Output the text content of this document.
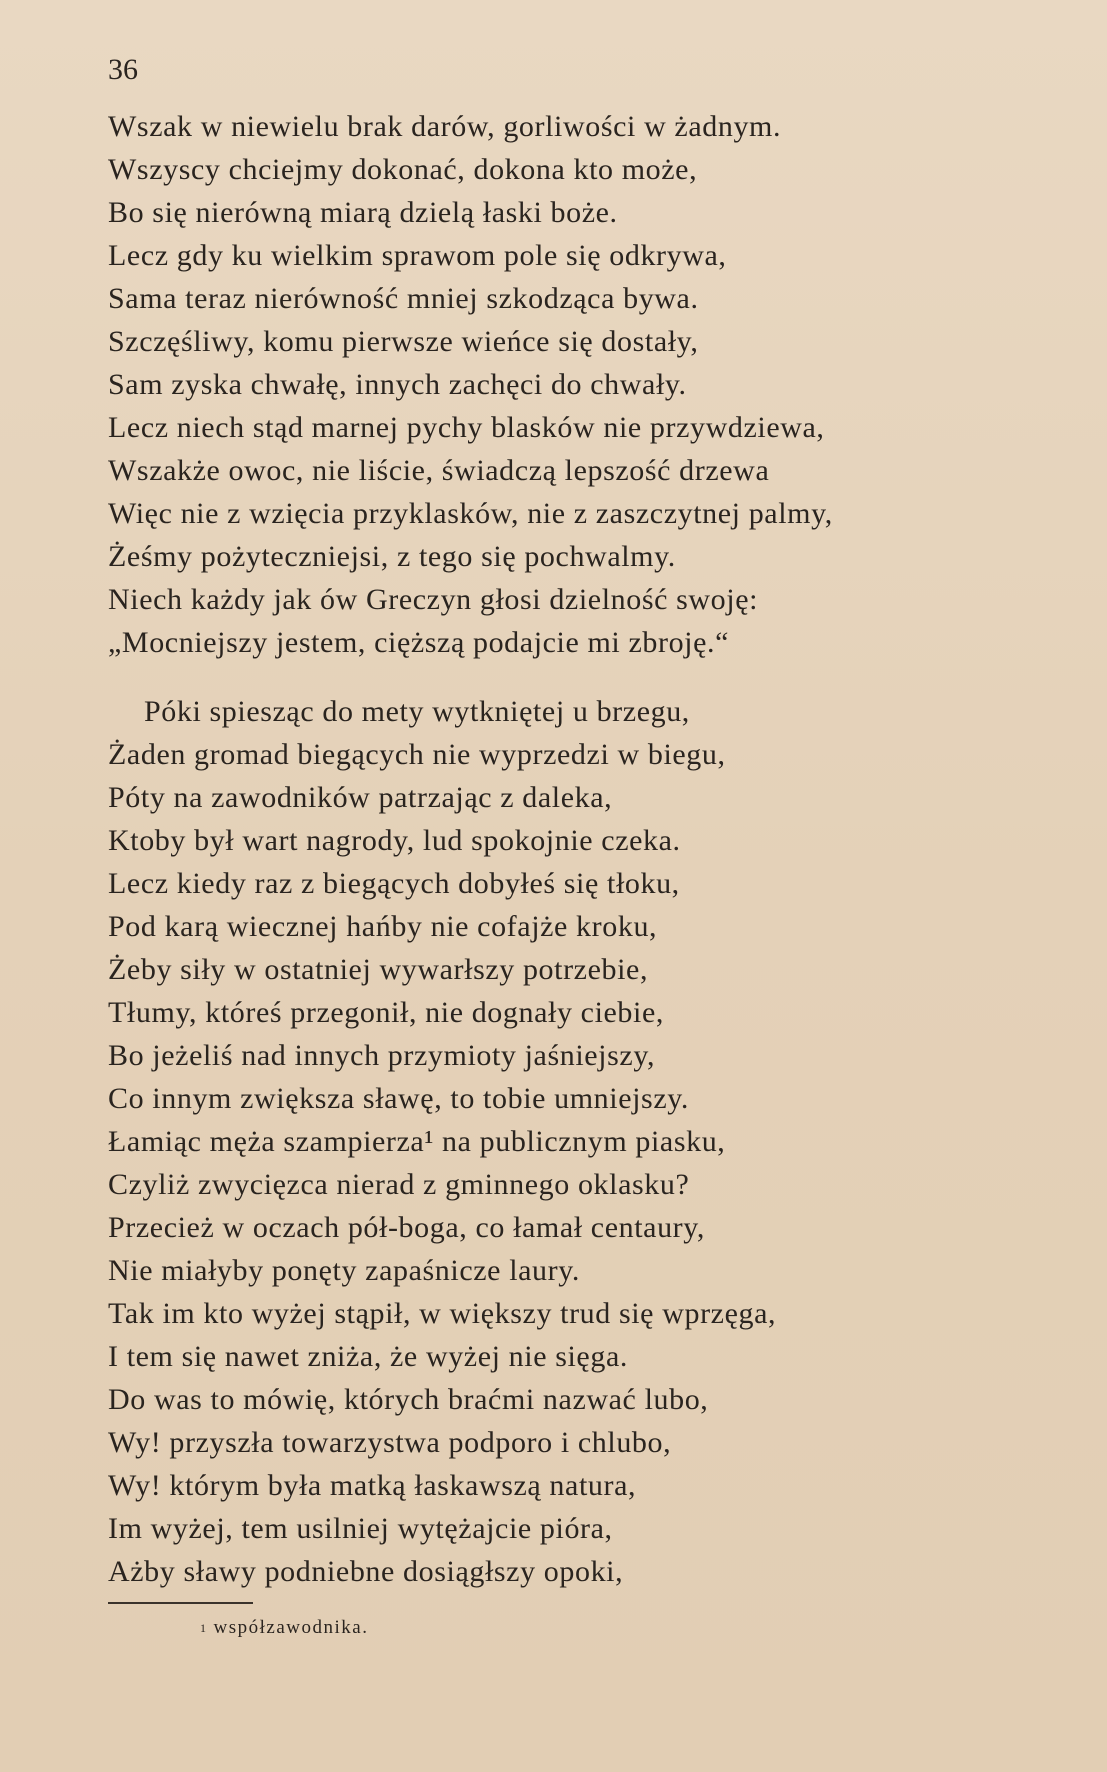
36
Wszak w niewielu brak darów, gorliwości w żadnym.
Wszyscy chciejmy dokonać, dokona kto może,
Bo się nierówną miarą dzielą łaski boże.
Lecz gdy ku wielkim sprawom pole się odkrywa,
Sama teraz nierówność mniej szkodząca bywa.
Szczęśliwy, komu pierwsze wieńce się dostały,
Sam zyska chwałę, innych zachęci do chwały.
Lecz niech stąd marnej pychy blasków nie przywdziewa,
Wszakże owoc, nie liście, świadczą lepszość drzewa
Więc nie z wzięcia przyklasków, nie z zaszczytnej palmy,
Żeśmy pożyteczniejsi, z tego się pochwalmy.
Niech każdy jak ów Greczyn głosi dzielność swoję:
„Mocniejszy jestem, cięższą podajcie mi zbroję.“
Póki spiesząc do mety wytkniętej u brzegu,
Żaden gromad biegących nie wyprzedzi w biegu,
Póty na zawodników patrzając z daleka,
Ktoby był wart nagrody, lud spokojnie czeka.
Lecz kiedy raz z biegących dobyłeś się tłoku,
Pod karą wiecznej hańby nie cofajże kroku,
Żeby siły w ostatniej wywarłszy potrzebie,
Tłumy, któreś przegonił, nie dognały ciebie,
Bo jeżeliś nad innych przymioty jaśniejszy,
Co innym zwiększa sławę, to tobie umniejszy.
Łamiąc męża szampierza¹ na publicznym piasku,
Czyliż zwycięzca nierad z gminnego oklasku?
Przecież w oczach pół-boga, co łamał centaury,
Nie miałyby ponęty zapaśnicze laury.
Tak im kto wyżej stąpił, w większy trud się wprzęga,
I tem się nawet zniża, że wyżej nie sięga.
Do was to mówię, których braćmi nazwać lubo,
Wy! przyszła towarzystwa podporo i chlubo,
Wy! którym była matką łaskawszą natura,
Im wyżej, tem usilniej wytężajcie pióra,
Ażby sławy podniebne dosiągłszy opoki,
$^1$ współzawodnika.
